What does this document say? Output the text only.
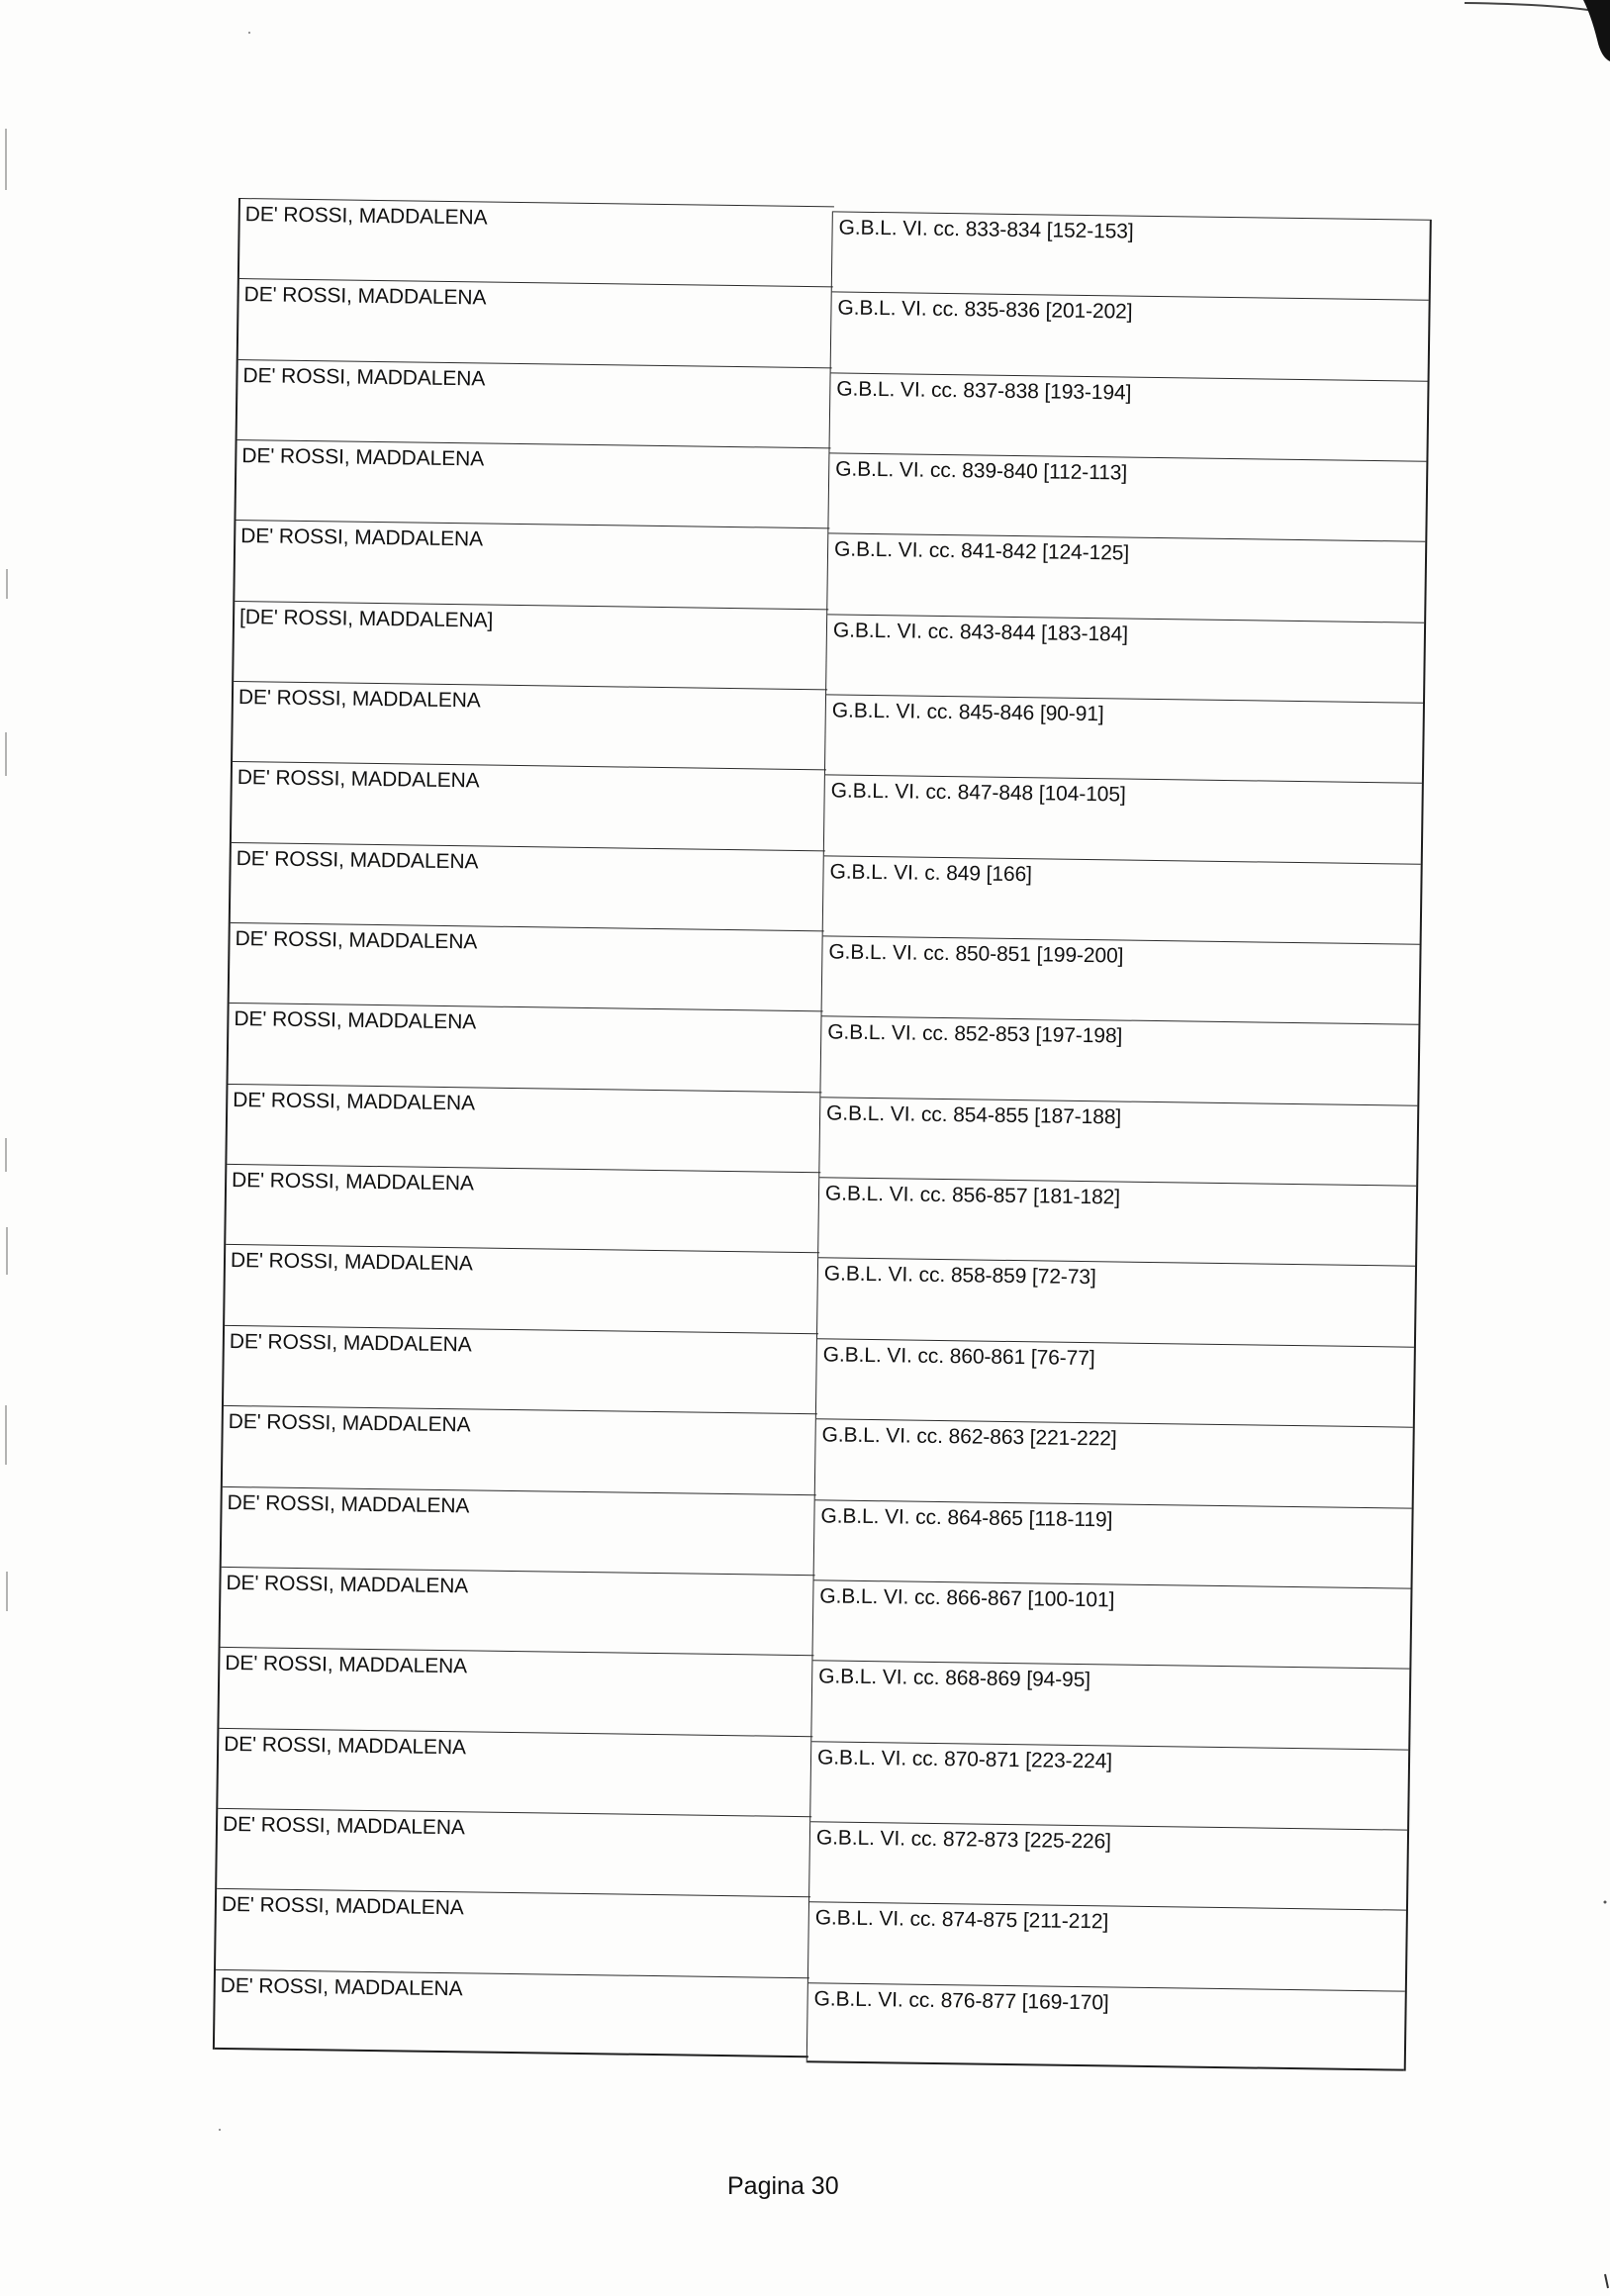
DE' ROSSI, MADDALENA
DE' ROSSI, MADDALENA
DE' ROSSI, MADDALENA
DE' ROSSI, MADDALENA
DE' ROSSI, MADDALENA
[DE' ROSSI, MADDALENA]
DE' ROSSI, MADDALENA
DE' ROSSI, MADDALENA
DE' ROSSI, MADDALENA
DE' ROSSI, MADDALENA
DE' ROSSI, MADDALENA
DE' ROSSI, MADDALENA
DE' ROSSI, MADDALENA
DE' ROSSI, MADDALENA
DE' ROSSI, MADDALENA
DE' ROSSI, MADDALENA
DE' ROSSI, MADDALENA
DE' ROSSI, MADDALENA
DE' ROSSI, MADDALENA
DE' ROSSI, MADDALENA
DE' ROSSI, MADDALENA
DE' ROSSI, MADDALENA
DE' ROSSI, MADDALENA
G.B.L. VI. cc. 833-834 [152-153]
G.B.L. VI. cc. 835-836 [201-202]
G.B.L. VI. cc. 837-838 [193-194]
G.B.L. VI. cc. 839-840 [112-113]
G.B.L. VI. cc. 841-842 [124-125]
G.B.L. VI. cc. 843-844 [183-184]
G.B.L. VI. cc. 845-846 [90-91]
G.B.L. VI. cc. 847-848 [104-105]
G.B.L. VI. c. 849 [166]
G.B.L. VI. cc. 850-851 [199-200]
G.B.L. VI. cc. 852-853 [197-198]
G.B.L. VI. cc. 854-855 [187-188]
G.B.L. VI. cc. 856-857 [181-182]
G.B.L. VI. cc. 858-859 [72-73]
G.B.L. VI. cc. 860-861 [76-77]
G.B.L. VI. cc. 862-863 [221-222]
G.B.L. VI. cc. 864-865 [118-119]
G.B.L. VI. cc. 866-867 [100-101]
G.B.L. VI. cc. 868-869 [94-95]
G.B.L. VI. cc. 870-871 [223-224]
G.B.L. VI. cc. 872-873 [225-226]
G.B.L. VI. cc. 874-875 [211-212]
G.B.L. VI. cc. 876-877 [169-170]
Pagina 30
